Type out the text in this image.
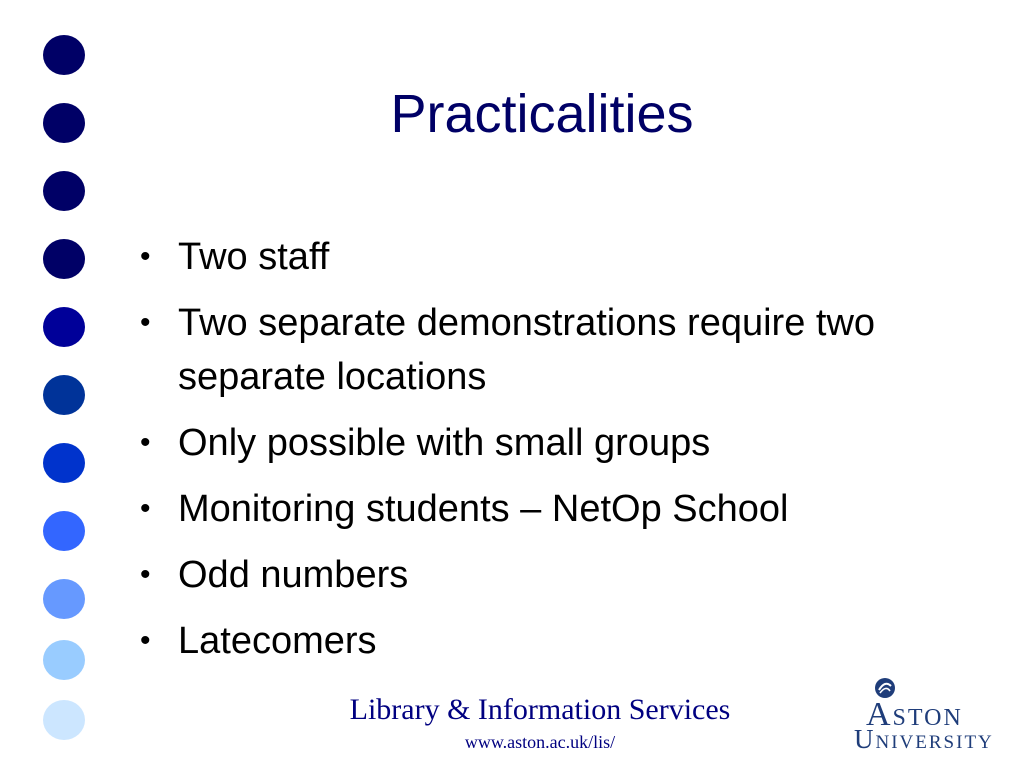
Practicalities
• Two staff
• Two separate demonstrations require two separate locations
• Only possible with small groups
• Monitoring students – NetOp School
• Odd numbers
• Latecomers
Library & Information Services
www.aston.ac.uk/lis/
Aston
University
